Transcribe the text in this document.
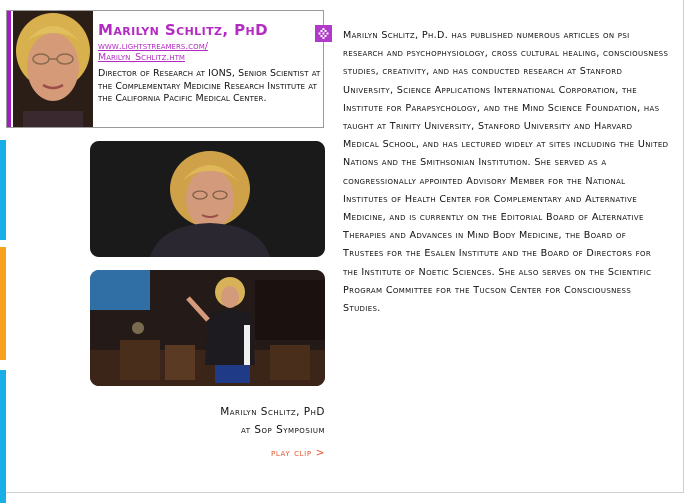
Marilyn Schlitz, PhD
www.lightstreamers.com/
Marilyn_Schlitz.htm
Director of Research at IONS, Senior Scientist at the Complementary Medicine Research Institute at the California Pacific Medical Center.
Marilyn Schlitz, Ph.D. has published numerous articles on psi research and psychophysiology, cross cultural healing, consciousness studies, creativity, and has conducted research at Stanford University, Science Applications International Corporation, the Institute for Parapsychology, and the Mind Science Foundation, has taught at Trinity University, Stanford University and Harvard Medical School, and has lectured widely at sites including the United Nations and the Smithsonian Institution. She served as a congressionally appointed Advisory Member for the National Institutes of Health Center for Complementary and Alternative Medicine, and is currently on the Editorial Board of Alternative Therapies and Advances in Mind Body Medicine, the Board of Trustees for the Esalen Institute and the Board of Directors for the Institute of Noetic Sciences. She also serves on the Scientific Program Committee for the Tucson Center for Consciousness Studies.
Marilyn Schlitz, PhD
at Sop Symposium
play clip >
